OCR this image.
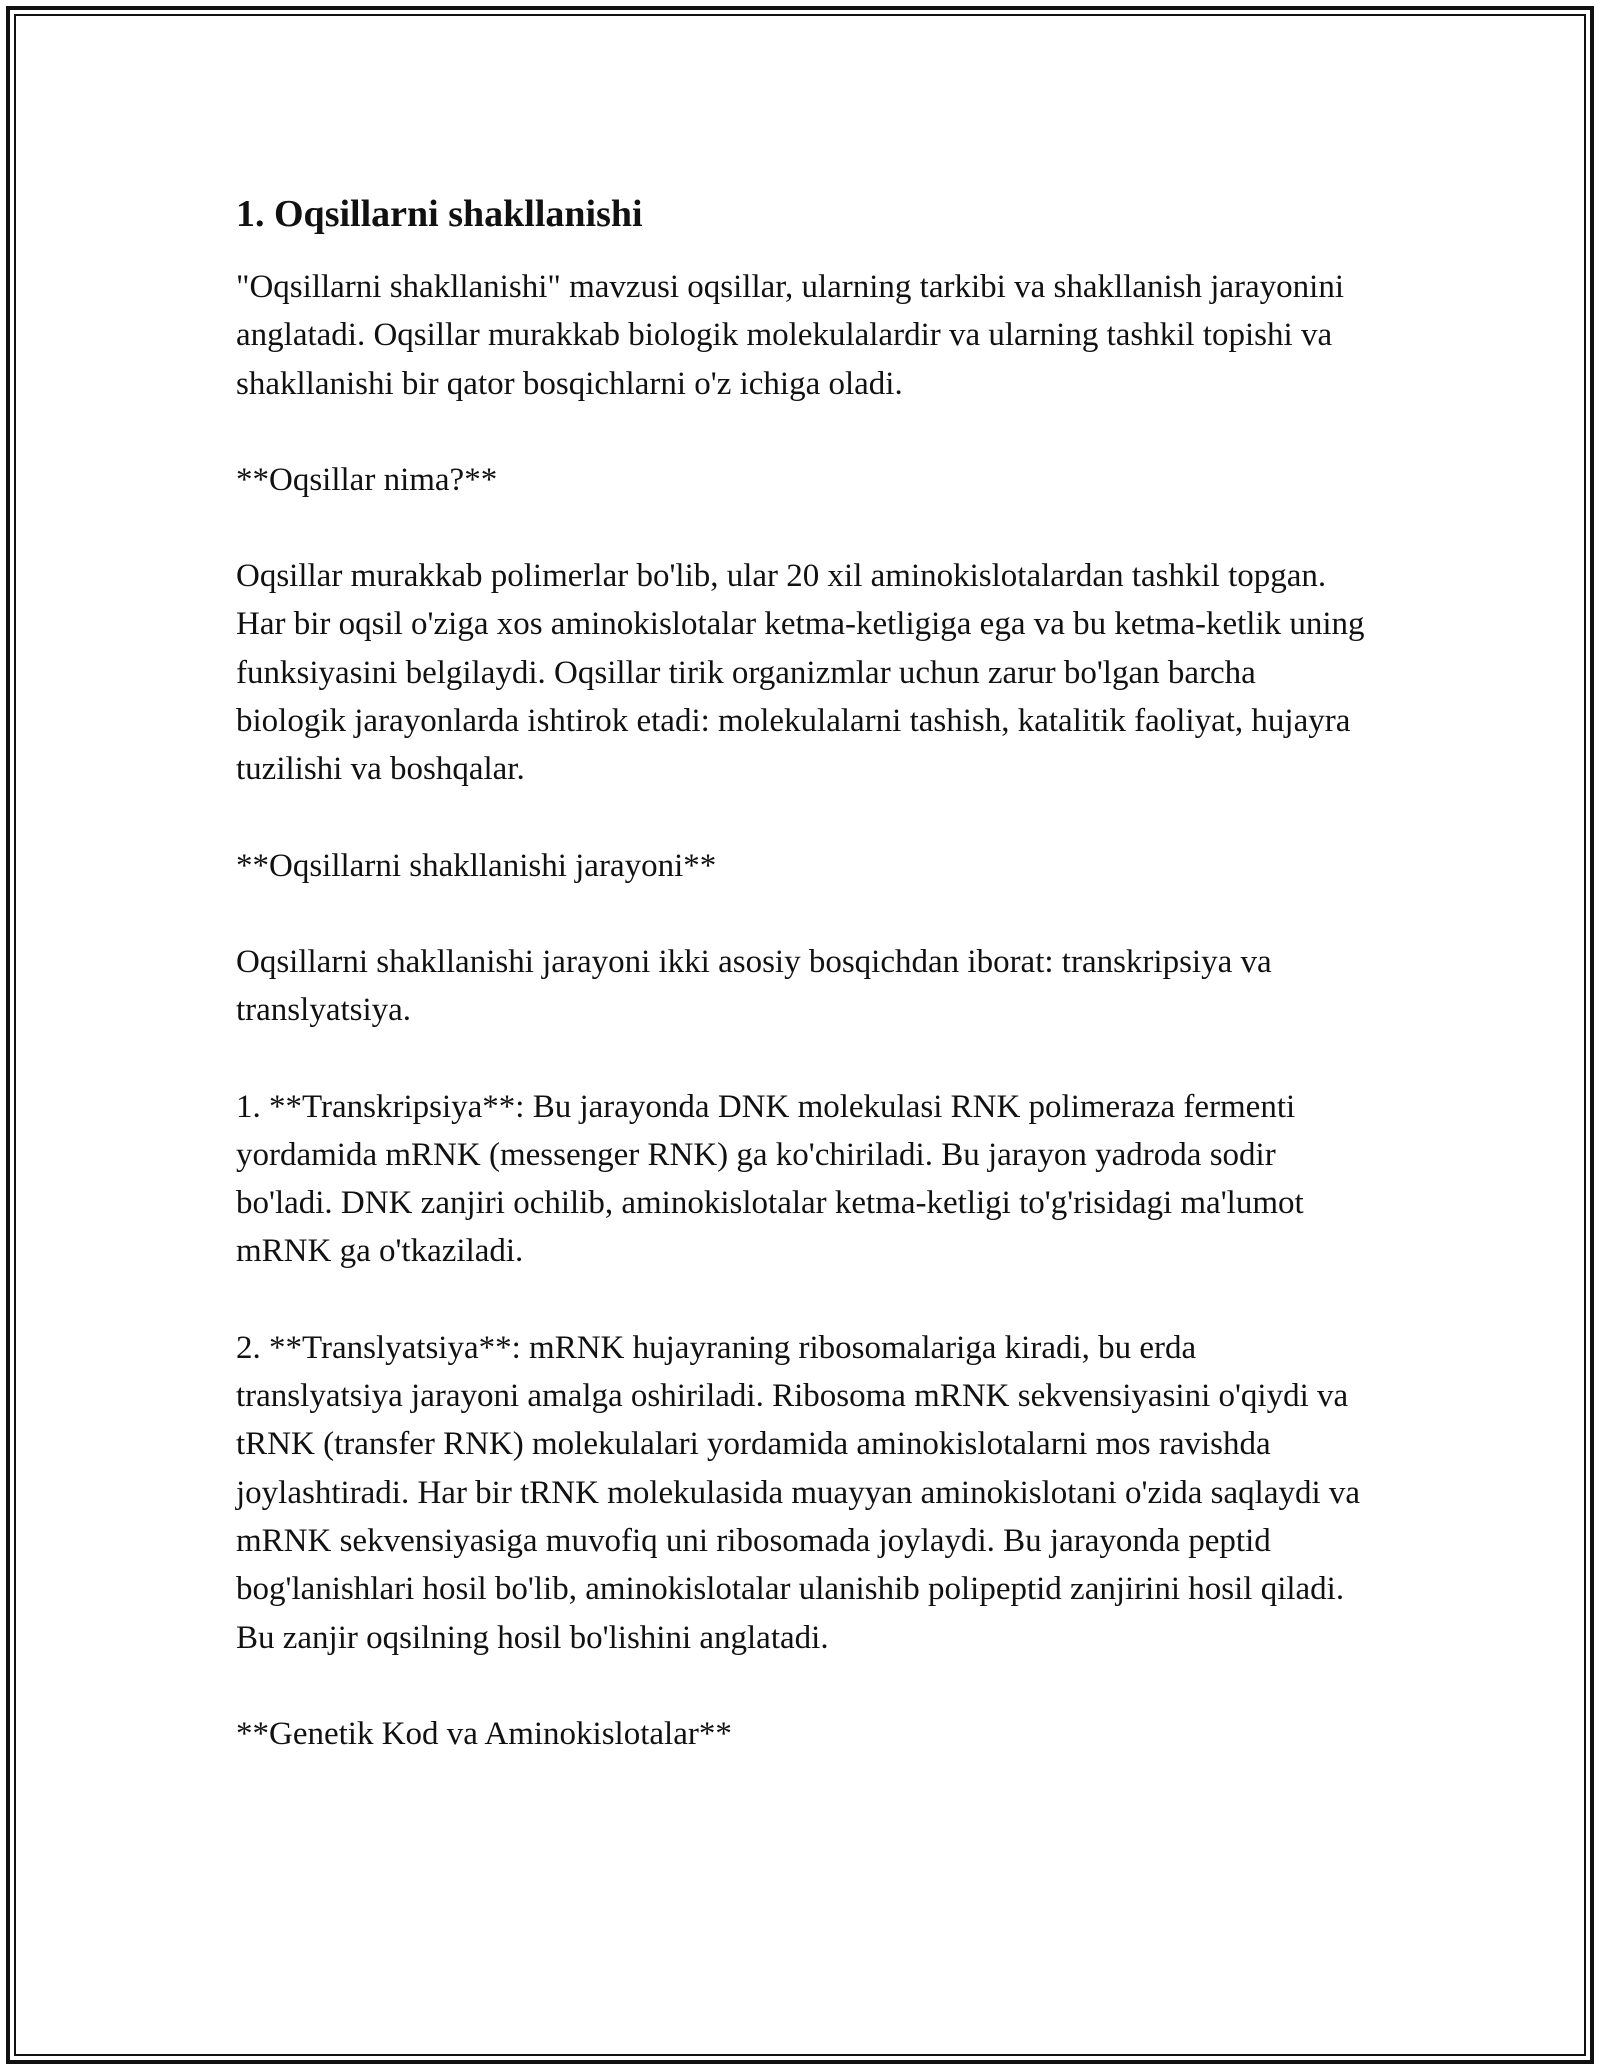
1. Oqsillarni shakllanishi

"Oqsillarni shakllanishi" mavzusi oqsillar, ularning tarkibi va shakllanish jarayonini anglatadi. Oqsillar murakkab biologik molekulalardir va ularning tashkil topishi va shakllanishi bir qator bosqichlarni o'z ichiga oladi.

**Oqsillar nima?**

Oqsillar murakkab polimerlar bo'lib, ular 20 xil aminokislotalardan tashkil topgan. Har bir oqsil o'ziga xos aminokislotalar ketma-ketligiga ega va bu ketma-ketlik uning funksiyasini belgilaydi. Oqsillar tirik organizmlar uchun zarur bo'lgan barcha biologik jarayonlarda ishtirok etadi: molekulalarni tashish, katalitik faoliyat, hujayra tuzilishi va boshqalar.

**Oqsillarni shakllanishi jarayoni**

Oqsillarni shakllanishi jarayoni ikki asosiy bosqichdan iborat: transkripsiya va translyatsiya.

1. **Transkripsiya**: Bu jarayonda DNK molekulasi RNK polimeraza fermenti yordamida mRNK (messenger RNK) ga ko'chiriladi. Bu jarayon yadroda sodir bo'ladi. DNK zanjiri ochilib, aminokislotalar ketma-ketligi to'g'risidagi ma'lumot mRNK ga o'tkaziladi.

2. **Translyatsiya**: mRNK hujayraning ribosomalariga kiradi, bu erda translyatsiya jarayoni amalga oshiriladi. Ribosoma mRNK sekvensiyasini o'qiydi va tRNK (transfer RNK) molekulalari yordamida aminokislotalarni mos ravishda joylashtiradi. Har bir tRNK molekulasida muayyan aminokislotani o'zida saqlaydi va mRNK sekvensiyasiga muvofiq uni ribosomada joylaydi. Bu jarayonda peptid bog'lanishlari hosil bo'lib, aminokislotalar ulanishib polipeptid zanjirini hosil qiladi. Bu zanjir oqsilning hosil bo'lishini anglatadi.

**Genetik Kod va Aminokislotalar**
